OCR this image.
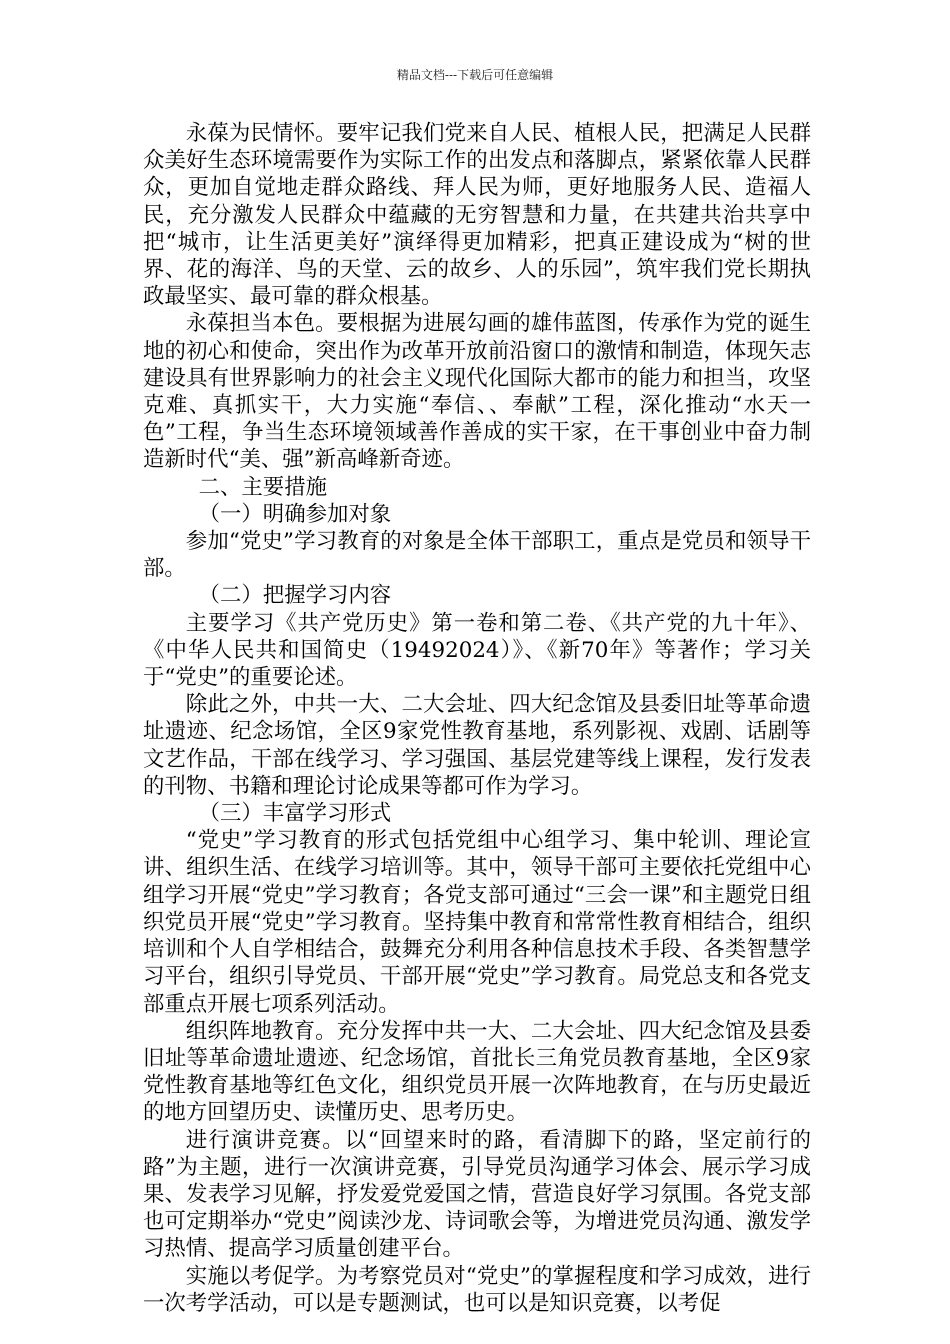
精品文档---下载后可任意编辑

永葆为民情怀。要牢记我们党来自人民、植根人民，把满足人民群众美好生态环境需要作为实际工作的出发点和落脚点，紧紧依靠人民群众，更加自觉地走群众路线、拜人民为师，更好地服务人民、造福人民，充分激发人民群众中蕴藏的无穷智慧和力量，在共建共治共享中把“城市，让生活更美好”演绎得更加精彩，把真正建设成为“树的世界、花的海洋、鸟的天堂、云的故乡、人的乐园”，筑牢我们党长期执政最坚实、最可靠的群众根基。

永葆担当本色。要根据为进展勾画的雄伟蓝图，传承作为党的诞生地的初心和使命，突出作为改革开放前沿窗口的激情和制造，体现矢志建设具有世界影响力的社会主义现代化国际大都市的能力和担当，攻坚克难、真抓实干，大力实施“奉信、、奉献”工程，深化推动“水天一色”工程，争当生态环境领域善作善成的实干家，在干事创业中奋力制造新时代“美、强”新高峰新奇迹。

二、主要措施

（一）明确参加对象

参加“党史”学习教育的对象是全体干部职工，重点是党员和领导干部。

（二）把握学习内容

主要学习《共产党历史》第一卷和第二卷、《共产党的九十年》、《中华人民共和国简史（19492024）》、《新70年》等著作；学习关于“党史”的重要论述。

除此之外，中共一大、二大会址、四大纪念馆及县委旧址等革命遗址遗迹、纪念场馆，全区9家党性教育基地，系列影视、戏剧、话剧等文艺作品，干部在线学习、学习强国、基层党建等线上课程，发行发表的刊物、书籍和理论讨论成果等都可作为学习。

（三）丰富学习形式

“党史”学习教育的形式包括党组中心组学习、集中轮训、理论宣讲、组织生活、在线学习培训等。其中，领导干部可主要依托党组中心组学习开展“党史”学习教育；各党支部可通过“三会一课”和主题党日组织党员开展“党史”学习教育。坚持集中教育和常常性教育相结合，组织培训和个人自学相结合，鼓舞充分利用各种信息技术手段、各类智慧学习平台，组织引导党员、干部开展“党史”学习教育。局党总支和各党支部重点开展七项系列活动。

组织阵地教育。充分发挥中共一大、二大会址、四大纪念馆及县委旧址等革命遗址遗迹、纪念场馆，首批长三角党员教育基地，全区9家党性教育基地等红色文化，组织党员开展一次阵地教育，在与历史最近的地方回望历史、读懂历史、思考历史。

进行演讲竞赛。以“回望来时的路，看清脚下的路，坚定前行的路”为主题，进行一次演讲竞赛，引导党员沟通学习体会、展示学习成果、发表学习见解，抒发爱党爱国之情，营造良好学习氛围。各党支部也可定期举办“党史”阅读沙龙、诗词歌会等，为增进党员沟通、激发学习热情、提高学习质量创建平台。

实施以考促学。为考察党员对“党史”的掌握程度和学习成效，进行一次考学活动，可以是专题测试，也可以是知识竞赛，以考促
